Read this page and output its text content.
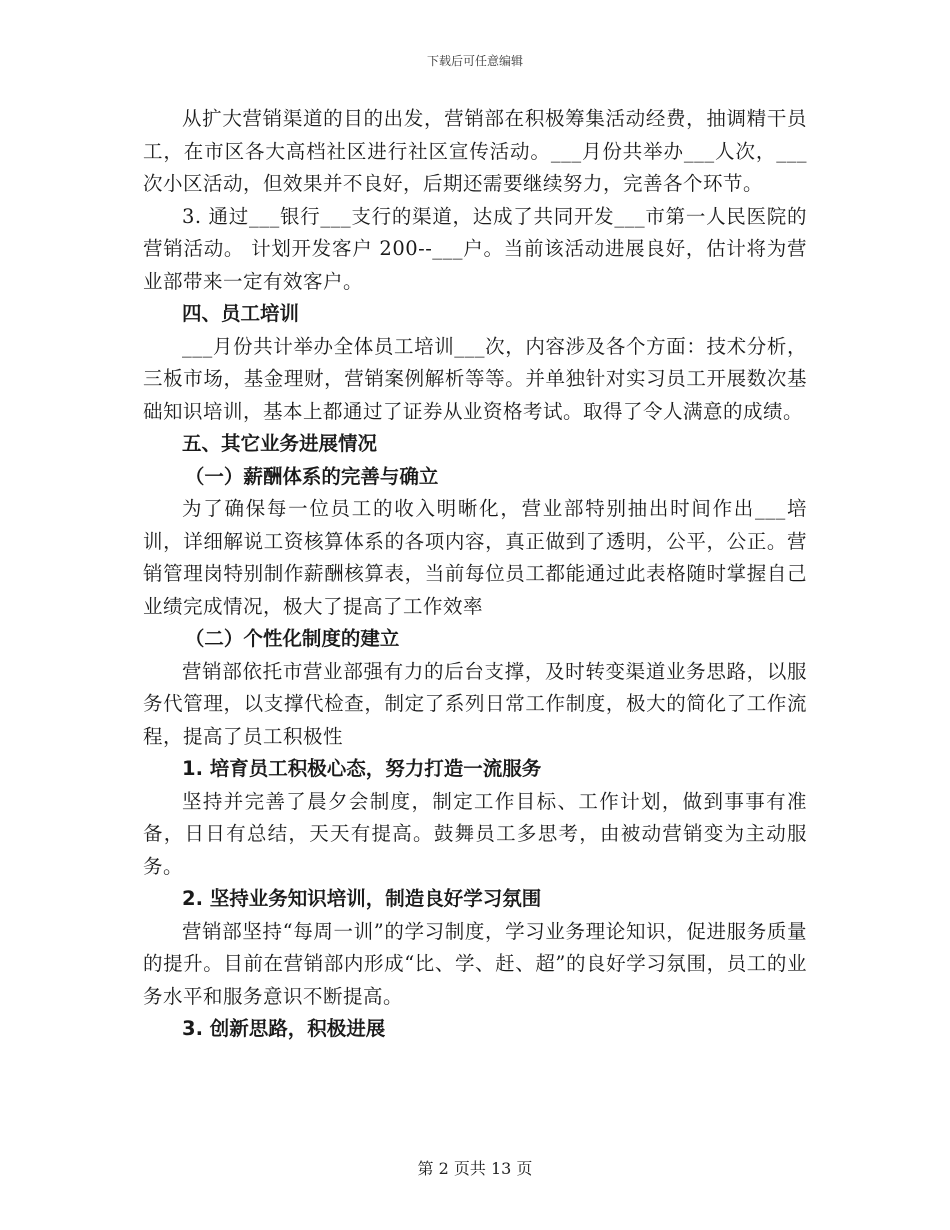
下载后可任意编辑

从扩大营销渠道的目的出发，营销部在积极筹集活动经费，抽调精干员工，在市区各大高档社区进行社区宣传活动。___月份共举办___人次，___次小区活动，但效果并不良好，后期还需要继续努力，完善各个环节。

3. 通过___银行___支行的渠道，达成了共同开发___市第一人民医院的营销活动。 计划开发客户 200--___户。当前该活动进展良好，估计将为营业部带来一定有效客户。

四、员工培训

___月份共计举办全体员工培训___次，内容涉及各个方面：技术分析，三板市场，基金理财，营销案例解析等等。并单独针对实习员工开展数次基础知识培训，基本上都通过了证券从业资格考试。取得了令人满意的成绩。

五、其它业务进展情况

（一）薪酬体系的完善与确立

为了确保每一位员工的收入明晰化，营业部特别抽出时间作出___培训，详细解说工资核算体系的各项内容，真正做到了透明，公平，公正。营销管理岗特别制作薪酬核算表，当前每位员工都能通过此表格随时掌握自己业绩完成情况，极大了提高了工作效率

（二）个性化制度的建立

营销部依托市营业部强有力的后台支撑，及时转变渠道业务思路，以服务代管理，以支撑代检查，制定了系列日常工作制度，极大的简化了工作流程，提高了员工积极性

1. 培育员工积极心态，努力打造一流服务

坚持并完善了晨夕会制度，制定工作目标、工作计划，做到事事有准备，日日有总结，天天有提高。鼓舞员工多思考，由被动营销变为主动服务。

2. 坚持业务知识培训，制造良好学习氛围

营销部坚持“每周一训”的学习制度，学习业务理论知识，促进服务质量的提升。目前在营销部内形成“比、学、赶、超”的良好学习氛围，员工的业务水平和服务意识不断提高。

3. 创新思路，积极进展

第 2 页共 13 页
